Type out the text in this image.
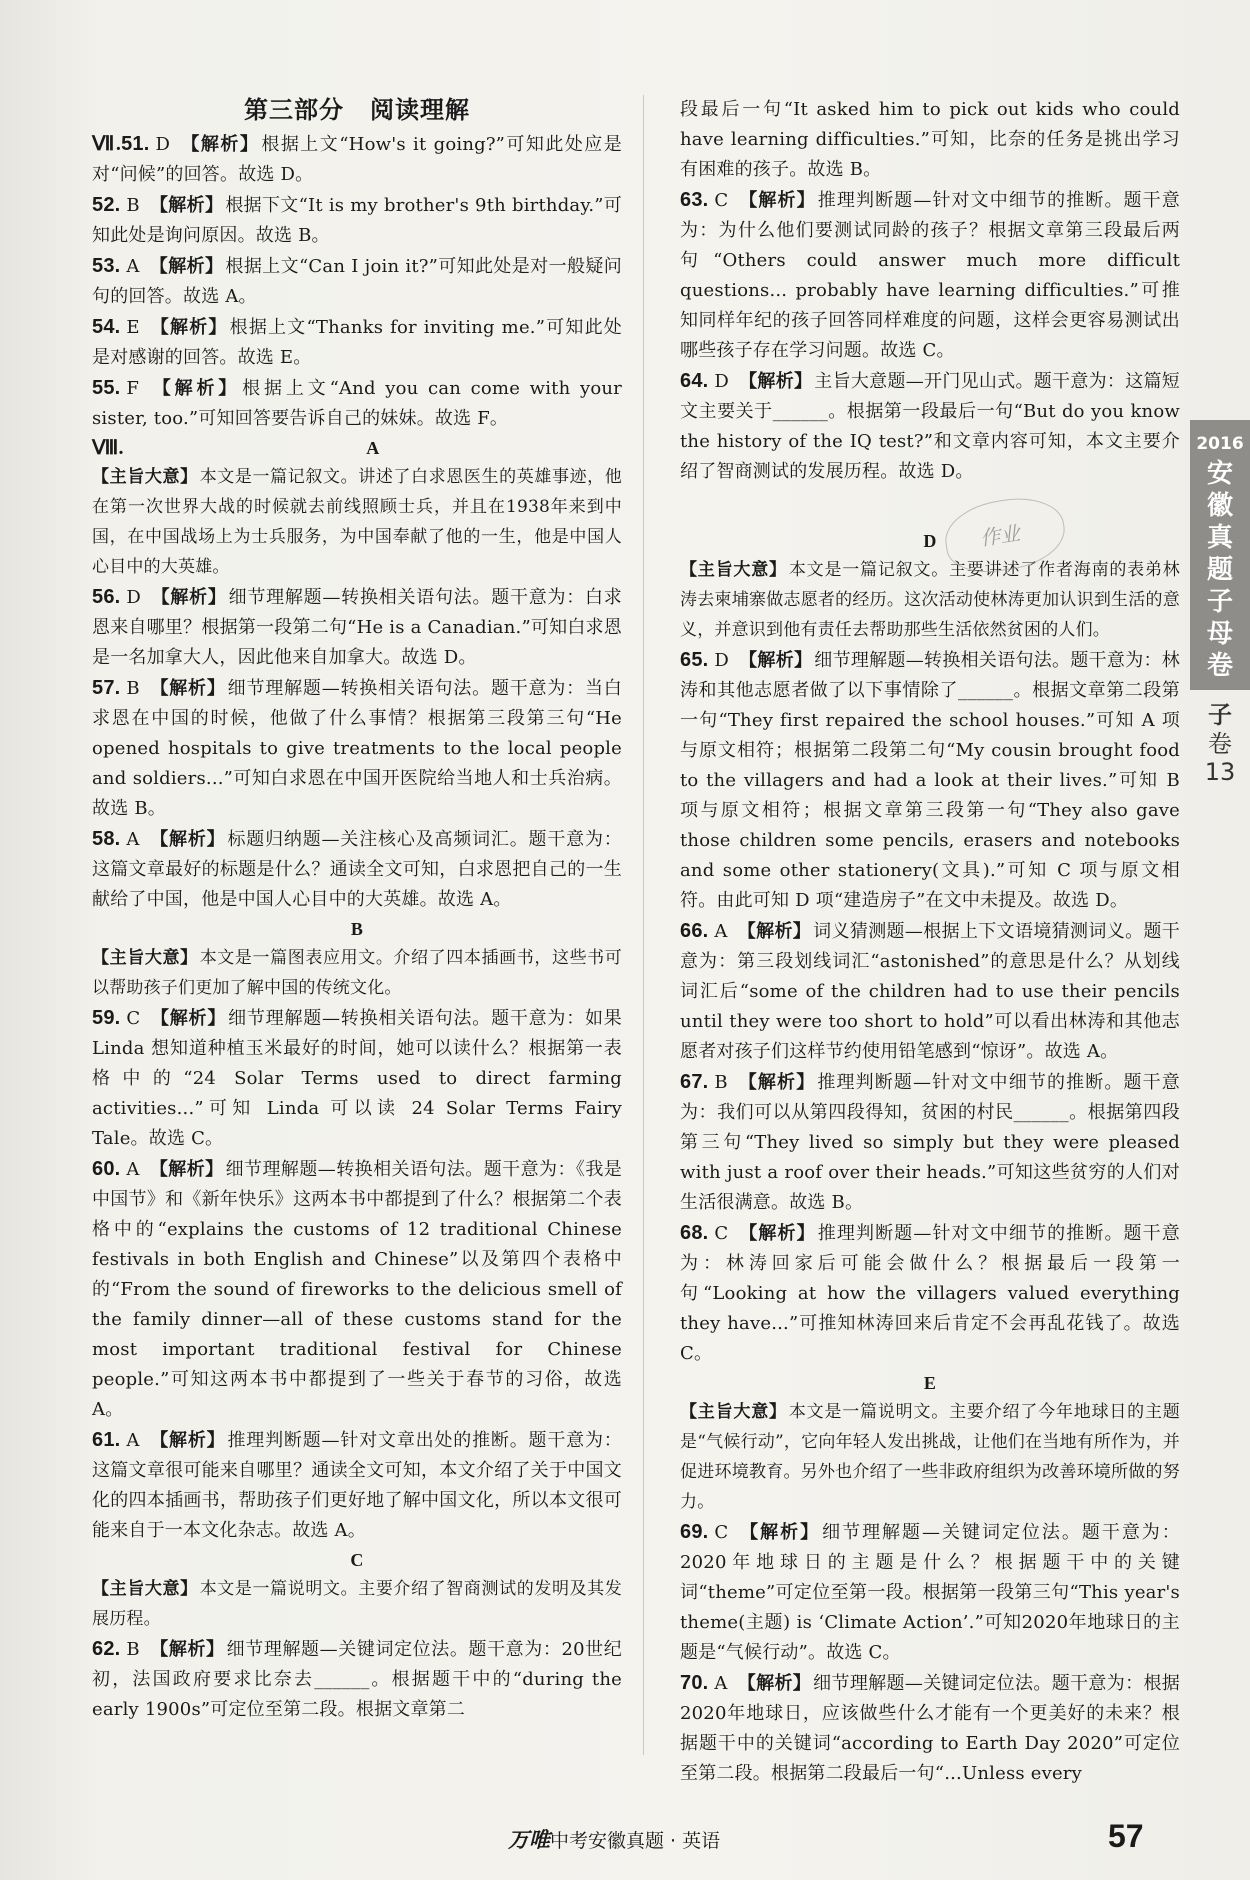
第三部分 阅读理解
Ⅶ.51. D 【解析】 根据上文“How's it going?”可知此处应是对“问候”的回答。故选 D。
52. B 【解析】 根据下文“It is my brother's 9th birthday.”可知此处是询问原因。故选 B。
53. A 【解析】 根据上文“Can I join it?”可知此处是对一般疑问句的回答。故选 A。
54. E 【解析】 根据上文“Thanks for inviting me.”可知此处是对感谢的回答。故选 E。
55. F 【解析】 根据上文“And you can come with your sister, too.”可知回答要告诉自己的妹妹。故选 F。
Ⅷ.	A
【主旨大意】 本文是一篇记叙文。讲述了白求恩医生的英雄事迹，他在第一次世界大战的时候就去前线照顾士兵，并且在1938年来到中国，在中国战场上为士兵服务，为中国奉献了他的一生，他是中国人心目中的大英雄。
56. D 【解析】 细节理解题—转换相关语句法。题干意为：白求恩来自哪里？根据第一段第二句“He is a Canadian.”可知白求恩是一名加拿大人，因此他来自加拿大。故选 D。
57. B 【解析】 细节理解题—转换相关语句法。题干意为：当白求恩在中国的时候，他做了什么事情？根据第三段第三句“He opened hospitals to give treatments to the local people and soldiers...”可知白求恩在中国开医院给当地人和士兵治病。故选 B。
58. A 【解析】 标题归纳题—关注核心及高频词汇。题干意为：这篇文章最好的标题是什么？通读全文可知，白求恩把自己的一生献给了中国，他是中国人心目中的大英雄。故选 A。
B
【主旨大意】 本文是一篇图表应用文。介绍了四本插画书，这些书可以帮助孩子们更加了解中国的传统文化。
59. C 【解析】 细节理解题—转换相关语句法。题干意为：如果 Linda 想知道种植玉米最好的时间，她可以读什么？根据第一表格中的“24 Solar Terms used to direct farming activities...”可知 Linda 可以读 24 Solar Terms Fairy Tale。故选 C。
60. A 【解析】 细节理解题—转换相关语句法。题干意为：《我是中国节》和《新年快乐》这两本书中都提到了什么？根据第二个表格中的“explains the customs of 12 traditional Chinese festivals in both English and Chinese”以及第四个表格中的“From the sound of fireworks to the delicious smell of the family dinner—all of these customs stand for the most important traditional festival for Chinese people.”可知这两本书中都提到了一些关于春节的习俗，故选 A。
61. A 【解析】 推理判断题—针对文章出处的推断。题干意为：这篇文章很可能来自哪里？通读全文可知，本文介绍了关于中国文化的四本插画书，帮助孩子们更好地了解中国文化，所以本文很可能来自于一本文化杂志。故选 A。
C
【主旨大意】 本文是一篇说明文。主要介绍了智商测试的发明及其发展历程。
62. B 【解析】 细节理解题—关键词定位法。题干意为：20世纪初，法国政府要求比奈去______。根据题干中的“during the early 1900s”可定位至第二段。根据文章第二
段最后一句“It asked him to pick out kids who could have learning difficulties.”可知，比奈的任务是挑出学习有困难的孩子。故选 B。
63. C 【解析】 推理判断题—针对文中细节的推断。题干意为：为什么他们要测试同龄的孩子？根据文章第三段最后两句“Others could answer much more difficult questions... probably have learning difficulties.”可推知同样年纪的孩子回答同样难度的问题，这样会更容易测试出哪些孩子存在学习问题。故选 C。
64. D 【解析】 主旨大意题—开门见山式。题干意为：这篇短文主要关于______。根据第一段最后一句“But do you know the history of the IQ test?”和文章内容可知，本文主要介绍了智商测试的发展历程。故选 D。
D
【主旨大意】 本文是一篇记叙文。主要讲述了作者海南的表弟林涛去柬埔寨做志愿者的经历。这次活动使林涛更加认识到生活的意义，并意识到他有责任去帮助那些生活依然贫困的人们。
65. D 【解析】 细节理解题—转换相关语句法。题干意为：林涛和其他志愿者做了以下事情除了______。根据文章第二段第一句“They first repaired the school houses.”可知 A 项与原文相符；根据第二段第二句“My cousin brought food to the villagers and had a look at their lives.”可知 B 项与原文相符；根据文章第三段第一句“They also gave those children some pencils, erasers and notebooks and some other stationery(文具).”可知 C 项与原文相符。由此可知 D 项“建造房子”在文中未提及。故选 D。
66. A 【解析】 词义猜测题—根据上下文语境猜测词义。题干意为：第三段划线词汇“astonished”的意思是什么？从划线词汇后“some of the children had to use their pencils until they were too short to hold”可以看出林涛和其他志愿者对孩子们这样节约使用铅笔感到“惊讶”。故选 A。
67. B 【解析】 推理判断题—针对文中细节的推断。题干意为：我们可以从第四段得知，贫困的村民______。根据第四段第三句“They lived so simply but they were pleased with just a roof over their heads.”可知这些贫穷的人们对生活很满意。故选 B。
68. C 【解析】 推理判断题—针对文中细节的推断。题干意为：林涛回家后可能会做什么？根据最后一段第一句“Looking at how the villagers valued everything they have...”可推知林涛回来后肯定不会再乱花钱了。故选 C。
E
【主旨大意】 本文是一篇说明文。主要介绍了今年地球日的主题是“气候行动”，它向年轻人发出挑战，让他们在当地有所作为，并促进环境教育。另外也介绍了一些非政府组织为改善环境所做的努力。
69. C 【解析】 细节理解题—关键词定位法。题干意为：2020年地球日的主题是什么？根据题干中的关键词“theme”可定位至第一段。根据第一段第三句“This year's theme(主题) is ‘Climate Action’.”可知2020年地球日的主题是“气候行动”。故选 C。
70. A 【解析】 细节理解题—关键词定位法。题干意为：根据2020年地球日，应该做些什么才能有一个更美好的未来？根据题干中的关键词“according to Earth Day 2020”可定位至第二段。根据第二段最后一句“...Unless every
作业
2016
安
徽
真
题
子
母
卷
子
卷
13
万唯中考安徽真题 · 英语	57
